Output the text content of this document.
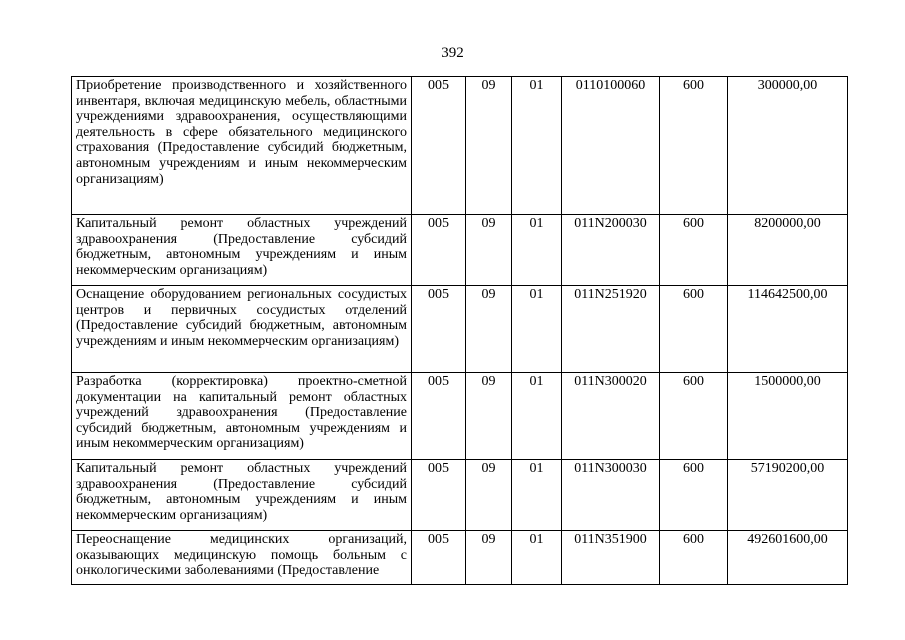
392
Приобретение производственного и хозяйственного инвентаря, включая медицинскую мебель, областными учреждениями здравоохранения, осуществляющими деятельность в сфере обязательного медицинского страхования (Предоставление субсидий бюджетным, автономным учреждениям и иным некоммерческим организациям)	005	09	01	0110100060	600	300000,00
Капитальный ремонт областных учреждений здравоохранения (Предоставление субсидий бюджетным, автономным учреждениям и иным некоммерческим организациям)	005	09	01	011N200030	600	8200000,00
Оснащение оборудованием региональных сосудистых центров и первичных сосудистых отделений (Предоставление субсидий бюджетным, автономным учреждениям и иным некоммерческим организациям)	005	09	01	011N251920	600	114642500,00
Разработка (корректировка) проектно-сметной документации на капитальный ремонт областных учреждений здравоохранения (Предоставление субсидий бюджетным, автономным учреждениям и иным некоммерческим организациям)	005	09	01	011N300020	600	1500000,00
Капитальный ремонт областных учреждений здравоохранения (Предоставление субсидий бюджетным, автономным учреждениям и иным некоммерческим организациям)	005	09	01	011N300030	600	57190200,00
Переоснащение медицинских организаций, оказывающих медицинскую помощь больным с онкологическими заболеваниями (Предоставление	005	09	01	011N351900	600	492601600,00
